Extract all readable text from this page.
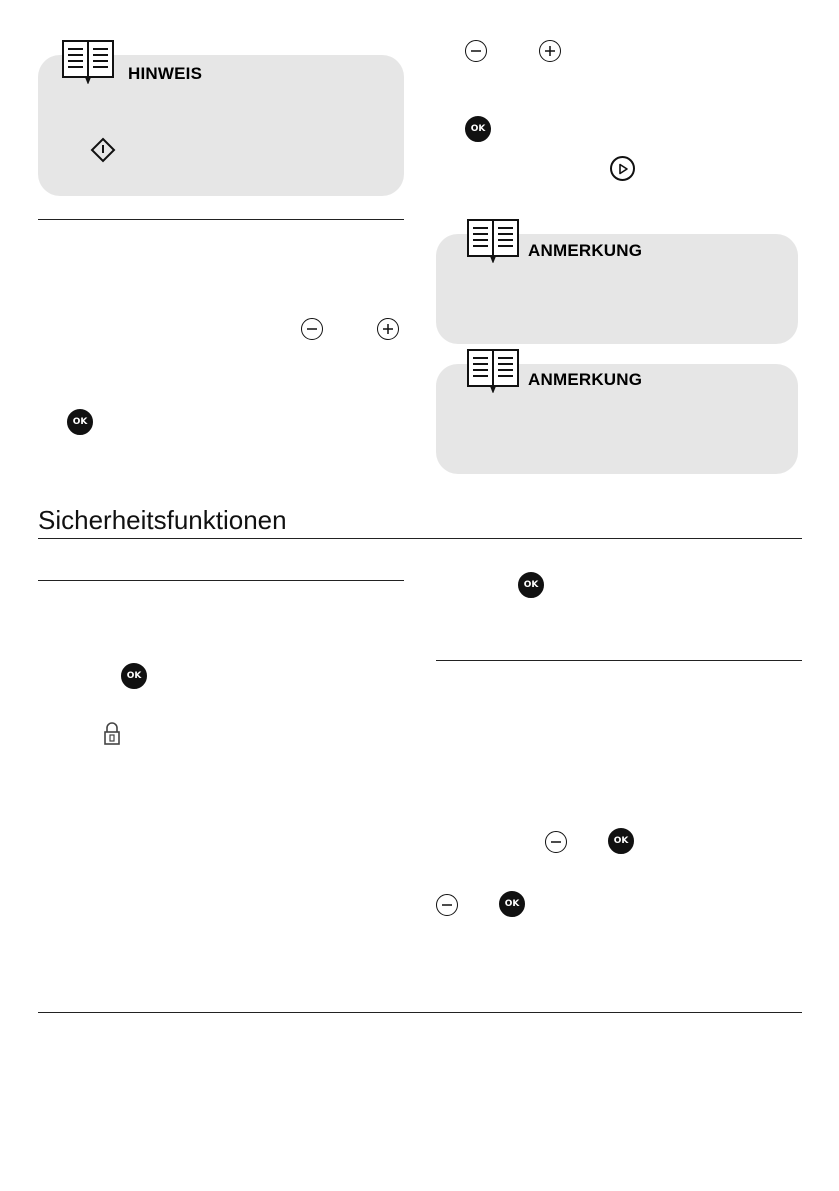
HINWEIS
OK
OK
ANMERKUNG
ANMERKUNG
Sicherheitsfunktionen
OK
OK
OK
OK
